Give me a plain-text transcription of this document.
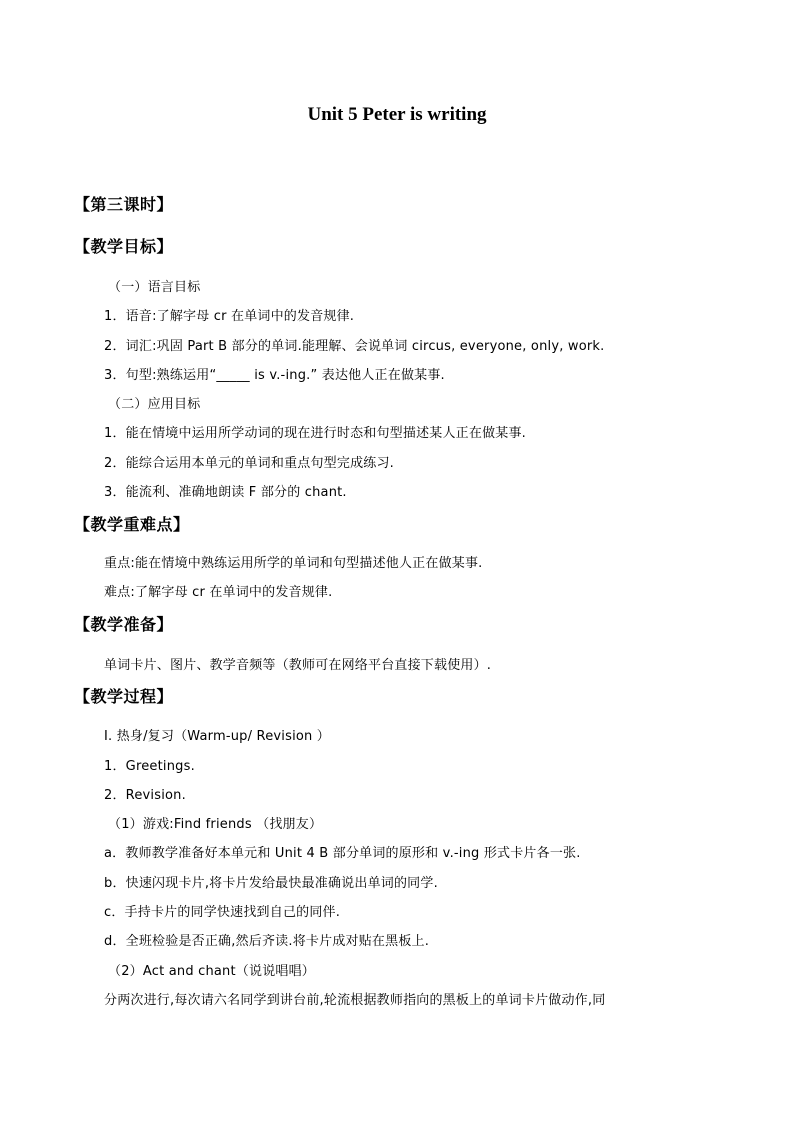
Unit 5 Peter is writing
【第三课时】
【教学目标】
（一）语言目标
1．语音:了解字母 cr 在单词中的发音规律.
2．词汇:巩固 Part B 部分的单词.能理解、会说单词 circus, everyone, only, work.
3．句型:熟练运用“_____ is v.-ing.” 表达他人正在做某事.
（二）应用目标
1．能在情境中运用所学动词的现在进行时态和句型描述某人正在做某事.
2．能综合运用本单元的单词和重点句型完成练习.
3．能流利、准确地朗读 F 部分的 chant.
【教学重难点】
重点:能在情境中熟练运用所学的单词和句型描述他人正在做某事.
难点:了解字母 cr 在单词中的发音规律.
【教学准备】
单词卡片、图片、教学音频等（教师可在网络平台直接下载使用）.
【教学过程】
I. 热身/复习（Warm-up/ Revision ）
1．Greetings.
2．Revision.
（1）游戏:Find friends （找朋友）
a．教师教学准备好本单元和 Unit 4 B 部分单词的原形和 v.-ing 形式卡片各一张.
b．快速闪现卡片,将卡片发给最快最准确说出单词的同学.
c．手持卡片的同学快速找到自己的同伴.
d．全班检验是否正确,然后齐读.将卡片成对贴在黑板上.
（2）Act and chant（说说唱唱）
分两次进行,每次请六名同学到讲台前,轮流根据教师指向的黑板上的单词卡片做动作,同
